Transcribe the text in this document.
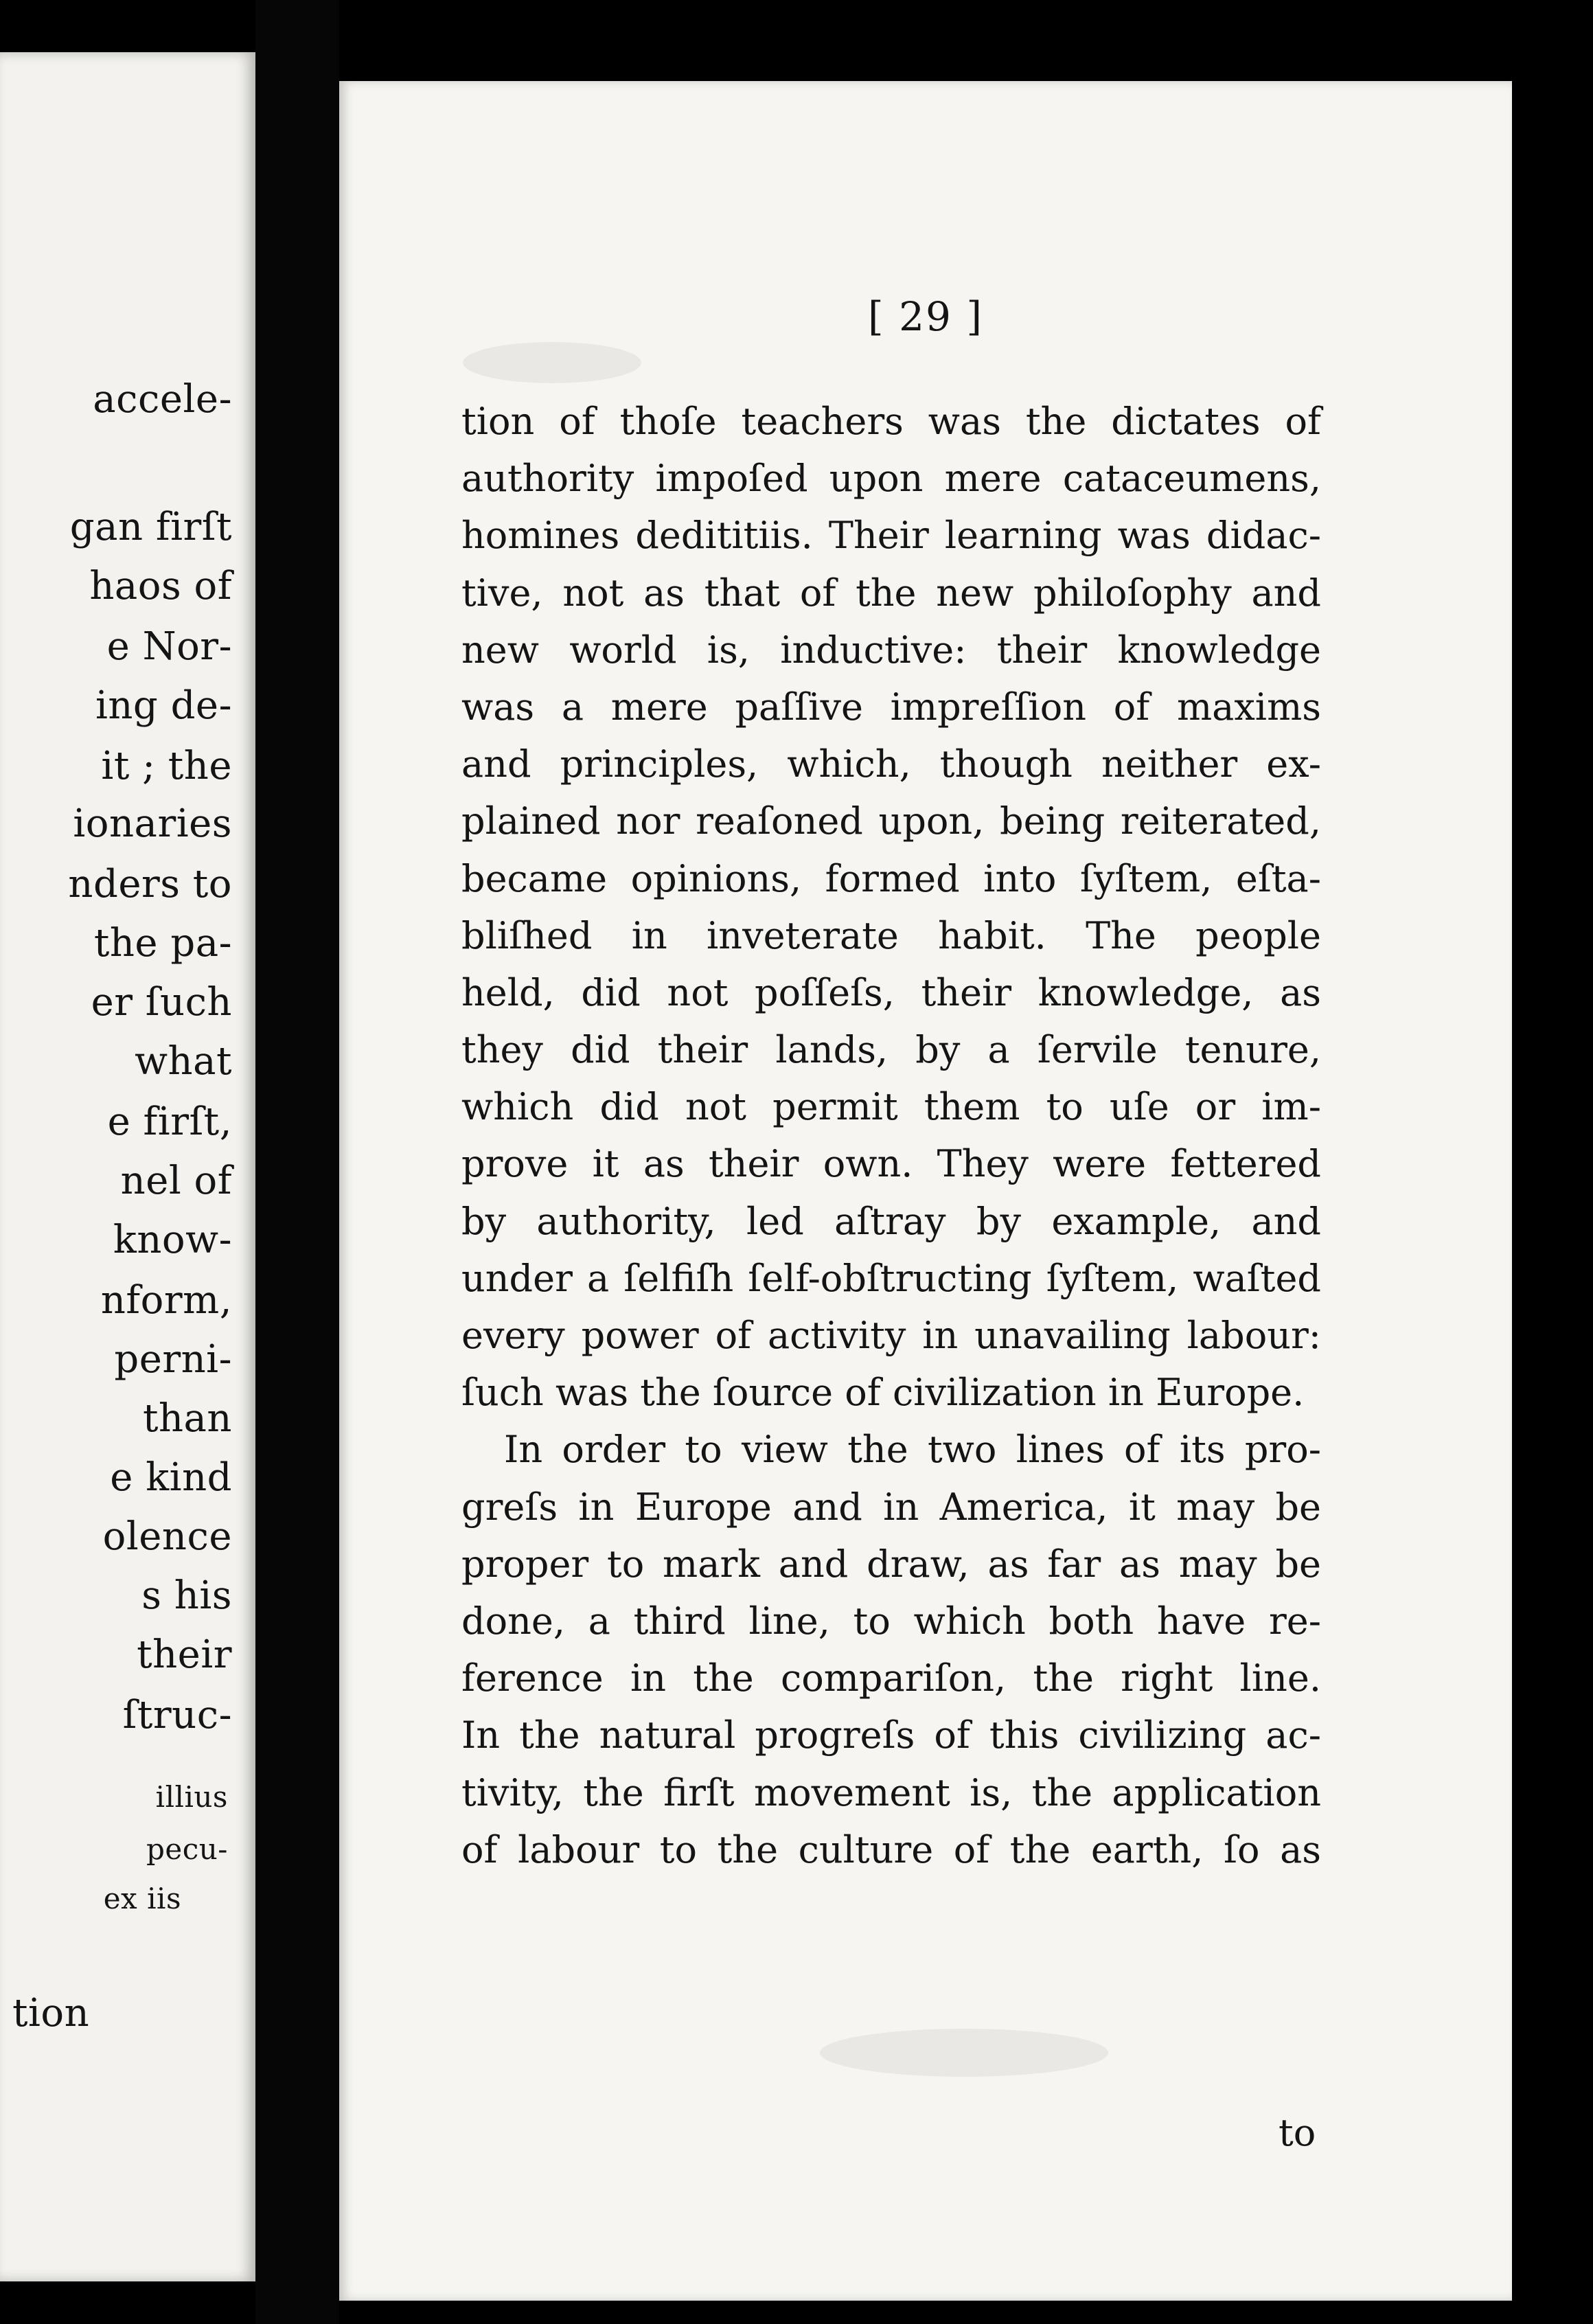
accele-
gan firſt
haos of
e Nor-
ing de-
it ; the
ionaries
nders to
the pa-
er ſuch
what
e firſt,
nel of
know-
nform,
perni-
than
e kind
olence
s his
their
ſtruc-
illius
pecu-
ex iis
tion
[ 29 ]
tion of thoſe teachers was the dictates of
authority impoſed upon mere cataceumens,
homines dedititiis. Their learning was didac-
tive, not as that of the new philoſophy and
new world is, inductive: their knowledge
was a mere paſſive impreſſion of maxims
and principles, which, though neither ex-
plained nor reaſoned upon, being reiterated,
became opinions, formed into ſyſtem, eſta-
bliſhed in inveterate habit. The people
held, did not poſſeſs, their knowledge, as
they did their lands, by a ſervile tenure,
which did not permit them to uſe or im-
prove it as their own. They were fettered
by authority, led aſtray by example, and
under a ſelfiſh ſelf-obſtructing ſyſtem, waſted
every power of activity in unavailing labour:
ſuch was the ſource of civilization in Europe.
In order to view the two lines of its pro-
greſs in Europe and in America, it may be
proper to mark and draw, as far as may be
done, a third line, to which both have re-
ference in the compariſon, the right line.
In the natural progreſs of this civilizing ac-
tivity, the firſt movement is, the application
of labour to the culture of the earth, ſo as
to
